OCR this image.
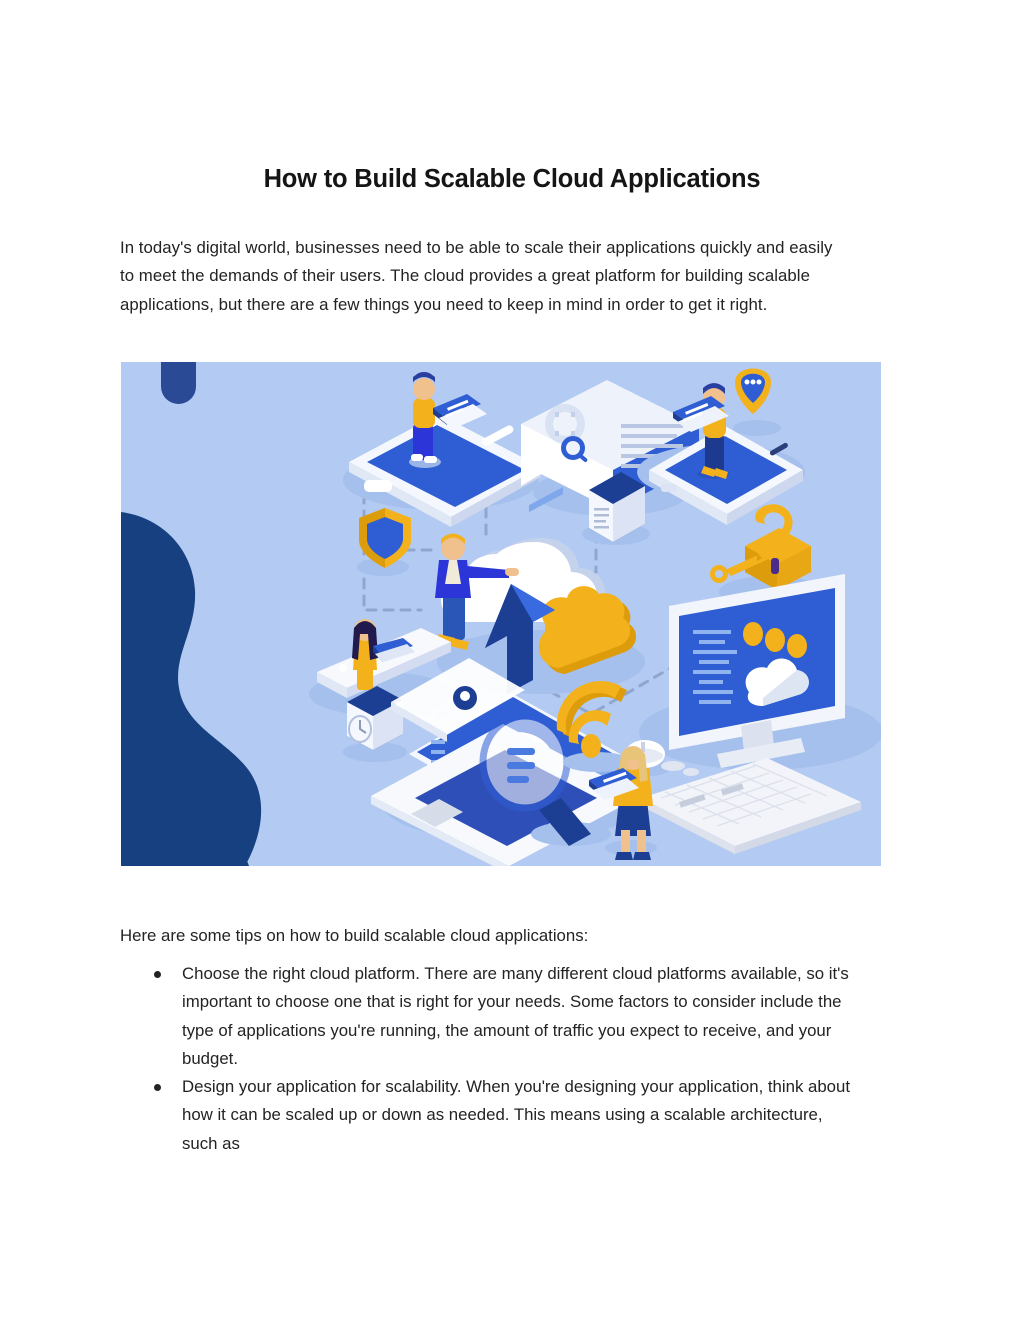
How to Build Scalable Cloud Applications

In today's digital world, businesses need to be able to scale their applications quickly and easily to meet the demands of their users. The cloud provides a great platform for building scalable applications, but there are a few things you need to keep in mind in order to get it right.

Here are some tips on how to build scalable cloud applications:

Choose the right cloud platform. There are many different cloud platforms available, so it's important to choose one that is right for your needs. Some factors to consider include the type of applications you're running, the amount of traffic you expect to receive, and your budget.
Design your application for scalability. When you're designing your application, think about how it can be scaled up or down as needed. This means using a scalable architecture, such as
